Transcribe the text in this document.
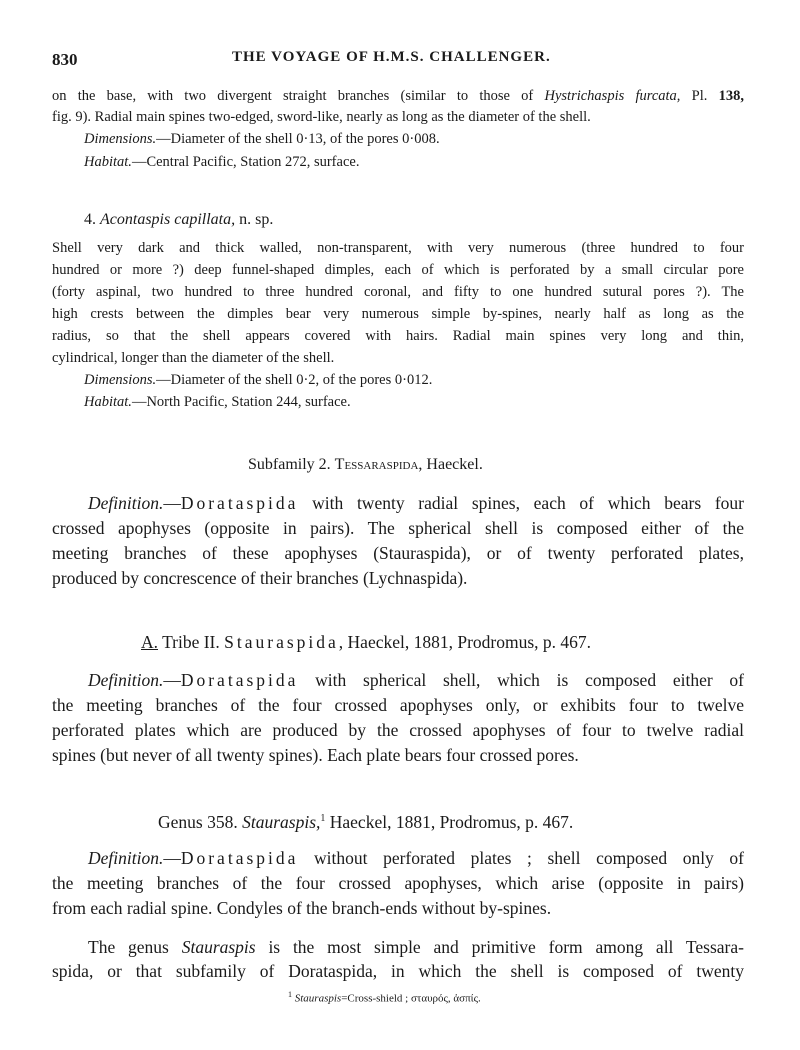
830	THE VOYAGE OF H.M.S. CHALLENGER.
on the base, with two divergent straight branches (similar to those of Hystrichaspis furcata, Pl. 138,
fig. 9). Radial main spines two-edged, sword-like, nearly as long as the diameter of the shell.
Dimensions.—Diameter of the shell 0·13, of the pores 0·008.
Habitat.—Central Pacific, Station 272, surface.
4. Acontaspis capillata, n. sp.
Shell very dark and thick walled, non-transparent, with very numerous (three hundred to four
hundred or more ?) deep funnel-shaped dimples, each of which is perforated by a small circular pore
(forty aspinal, two hundred to three hundred coronal, and fifty to one hundred sutural pores ?). The
high crests between the dimples bear very numerous simple by-spines, nearly half as long as the
radius, so that the shell appears covered with hairs. Radial main spines very long and thin,
cylindrical, longer than the diameter of the shell.
Dimensions.—Diameter of the shell 0·2, of the pores 0·012.
Habitat.—North Pacific, Station 244, surface.
Subfamily 2. Tessaraspida, Haeckel.
Definition.—Dorataspida with twenty radial spines, each of which bears four
crossed apophyses (opposite in pairs). The spherical shell is composed either of the
meeting branches of these apophyses (Stauraspida), or of twenty perforated plates,
produced by concrescence of their branches (Lychnaspida).
A. Tribe II. Stauraspida, Haeckel, 1881, Prodromus, p. 467.
Definition.—Dorataspida with spherical shell, which is composed either of
the meeting branches of the four crossed apophyses only, or exhibits four to twelve
perforated plates which are produced by the crossed apophyses of four to twelve radial
spines (but never of all twenty spines). Each plate bears four crossed pores.
Genus 358. Stauraspis,$^1$ Haeckel, 1881, Prodromus, p. 467.
Definition.—Dorataspida without perforated plates ; shell composed only of
the meeting branches of the four crossed apophyses, which arise (opposite in pairs)
from each radial spine. Condyles of the branch-ends without by-spines.
The genus Stauraspis is the most simple and primitive form among all Tessara-
spida, or that subfamily of Dorataspida, in which the shell is composed of twenty
$^1$ Stauraspis=Cross-shield ; σταυρός, ἀσπίς.
